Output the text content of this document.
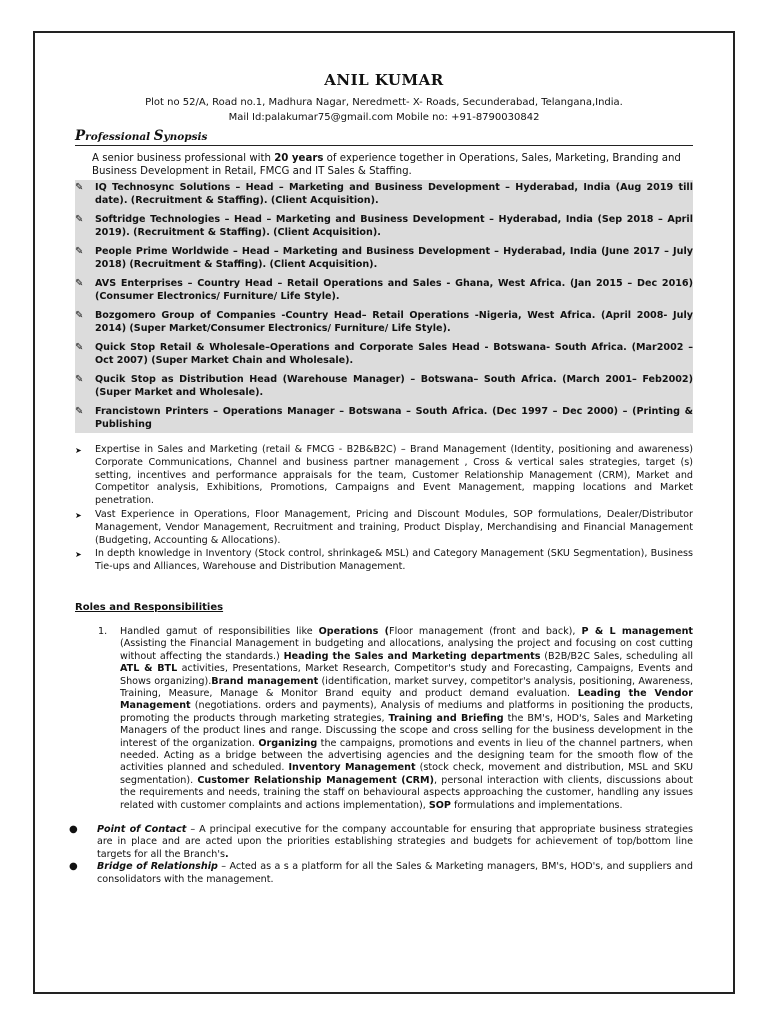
ANIL KUMAR
Plot no 52/A, Road no.1, Madhura Nagar, Neredmett- X- Roads, Secunderabad, Telangana,India.
Mail Id:palakumar75@gmail.com Mobile no: +91-8790030842
Professional Synopsis
A senior business professional with 20 years of experience together in Operations, Sales, Marketing, Branding and Business Development in Retail, FMCG and IT Sales & Staffing.
✎	IQ Technosync Solutions – Head – Marketing and Business Development – Hyderabad, India (Aug 2019 till date). (Recruitment & Staffing). (Client Acquisition).
✎	Softridge Technologies – Head – Marketing and Business Development – Hyderabad, India (Sep 2018 – April 2019). (Recruitment & Staffing). (Client Acquisition).
✎	People Prime Worldwide – Head – Marketing and Business Development – Hyderabad, India (June 2017 – July 2018) (Recruitment & Staffing). (Client Acquisition).
✎	AVS Enterprises – Country Head – Retail Operations and Sales - Ghana, West Africa. (Jan 2015 – Dec 2016) (Consumer Electronics/ Furniture/ Life Style).
✎	Bozgomero Group of Companies -Country Head– Retail Operations -Nigeria, West Africa. (April 2008- July 2014) (Super Market/Consumer Electronics/ Furniture/ Life Style).
✎	Quick Stop Retail & Wholesale–Operations and Corporate Sales Head - Botswana- South Africa. (Mar2002 – Oct 2007) (Super Market Chain and Wholesale).
✎	Qucik Stop as Distribution Head (Warehouse Manager) – Botswana– South Africa. (March 2001– Feb2002) (Super Market and Wholesale).
✎	Francistown Printers – Operations Manager – Botswana – South Africa. (Dec 1997 – Dec 2000) – (Printing & Publishing
➤	Expertise in Sales and Marketing (retail & FMCG - B2B&B2C) – Brand Management (Identity, positioning and awareness) Corporate Communications, Channel and business partner management , Cross & vertical sales strategies, target (s) setting, incentives and performance appraisals for the team, Customer Relationship Management (CRM), Market and Competitor analysis, Exhibitions, Promotions, Campaigns and Event Management, mapping locations and Market penetration.
➤	Vast Experience in Operations, Floor Management, Pricing and Discount Modules, SOP formulations, Dealer/Distributor Management, Vendor Management, Recruitment and training, Product Display, Merchandising and Financial Management (Budgeting, Accounting & Allocations).
➤	In depth knowledge in Inventory (Stock control, shrinkage& MSL) and Category Management (SKU Segmentation), Business Tie-ups and Alliances, Warehouse and Distribution Management.
Roles and Responsibilities
1.	Handled gamut of responsibilities like Operations (Floor management (front and back), P & L management (Assisting the Financial Management in budgeting and allocations, analysing the project and focusing on cost cutting without affecting the standards.) Heading the Sales and Marketing departments (B2B/B2C Sales, scheduling all ATL & BTL activities, Presentations, Market Research, Competitor's study and Forecasting, Campaigns, Events and Shows organizing).Brand management (identification, market survey, competitor's analysis, positioning, Awareness, Training, Measure, Manage & Monitor Brand equity and product demand evaluation. Leading the Vendor Management (negotiations. orders and payments), Analysis of mediums and platforms in positioning the products, promoting the products through marketing strategies, Training and Briefing the BM's, HOD's, Sales and Marketing Managers of the product lines and range. Discussing the scope and cross selling for the business development in the interest of the organization. Organizing the campaigns, promotions and events in lieu of the channel partners, when needed. Acting as a bridge between the advertising agencies and the designing team for the smooth flow of the activities planned and scheduled. Inventory Management (stock check, movement and distribution, MSL and SKU segmentation). Customer Relationship Management (CRM), personal interaction with clients, discussions about the requirements and needs, training the staff on behavioural aspects approaching the customer, handling any issues related with customer complaints and actions implementation), SOP formulations and implementations.
●	Point of Contact – A principal executive for the company accountable for ensuring that appropriate business strategies are in place and are acted upon the priorities establishing strategies and budgets for achievement of top/bottom line targets for all the Branch's.
●	Bridge of Relationship – Acted as a s a platform for all the Sales & Marketing managers, BM's, HOD's, and suppliers and consolidators with the management.
